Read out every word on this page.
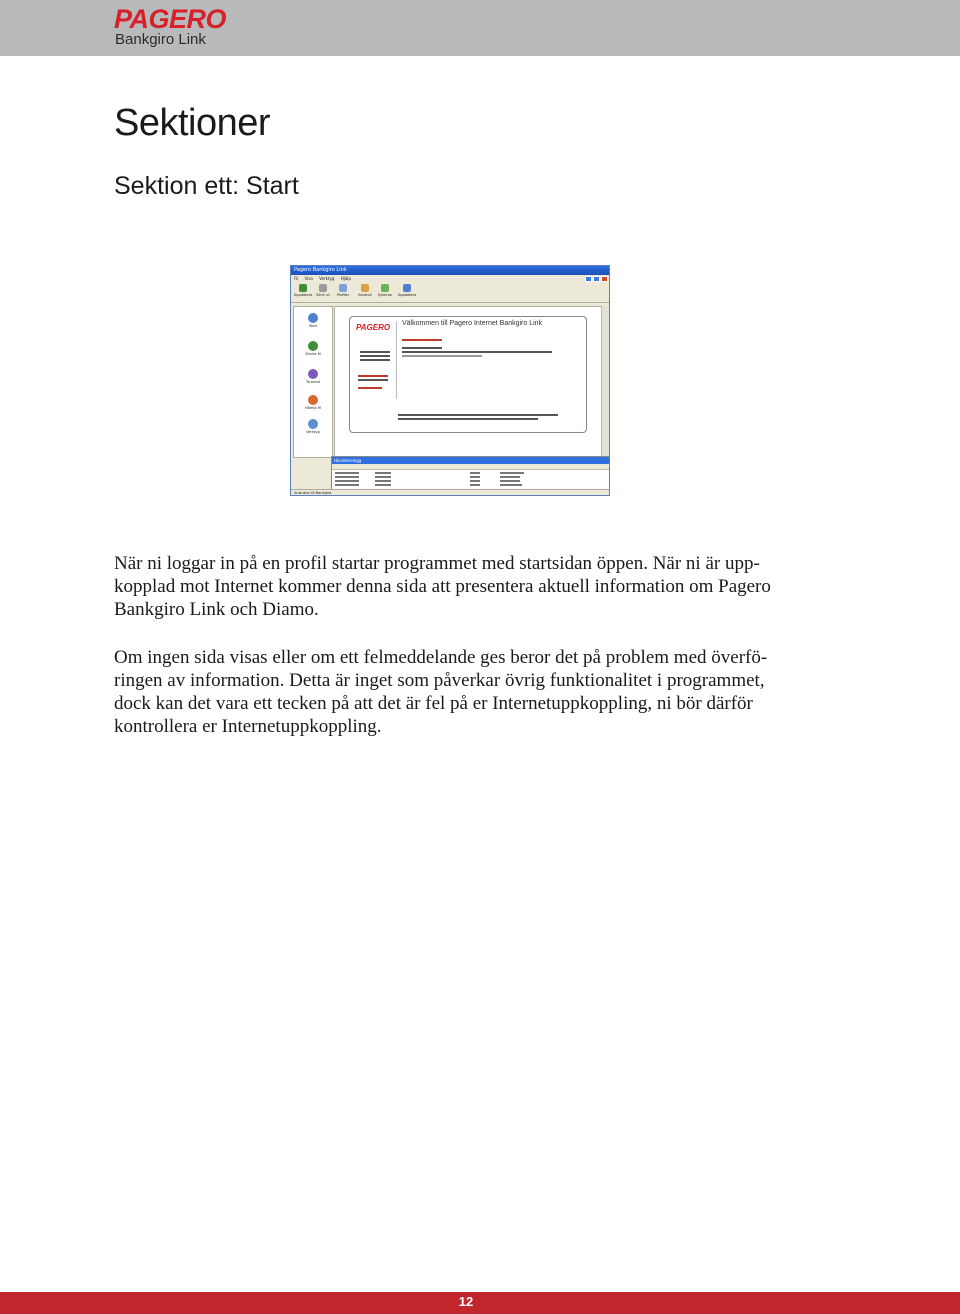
PAGERO
Bankgiro Link
Sektioner
Sektion ett: Start
Pagero Bankgiro Link
Fil Visa Verktyg Hjälp
Uppdatera	Skriv ut	Profiler	Kontroll	Synkron	Uppdatera
Start
Skicka fil
Ta emot
Hämta fil
Verktyg
PAGERO Välkommen till Pagero Internet Bankgiro Link
Händelselogg
Anslutna till Bankgiro

När ni loggar in på en profil startar programmet med startsidan öppen. När ni är upp-
kopplad mot Internet kommer denna sida att presentera aktuell information om Pagero
Bankgiro Link och Diamo.

Om ingen sida visas eller om ett felmeddelande ges beror det på problem med överfö-
ringen av information. Detta är inget som påverkar övrig funktionalitet i programmet,
dock kan det vara ett tecken på att det är fel på er Internetuppkoppling, ni bör därför
kontrollera er Internetuppkoppling.

12
